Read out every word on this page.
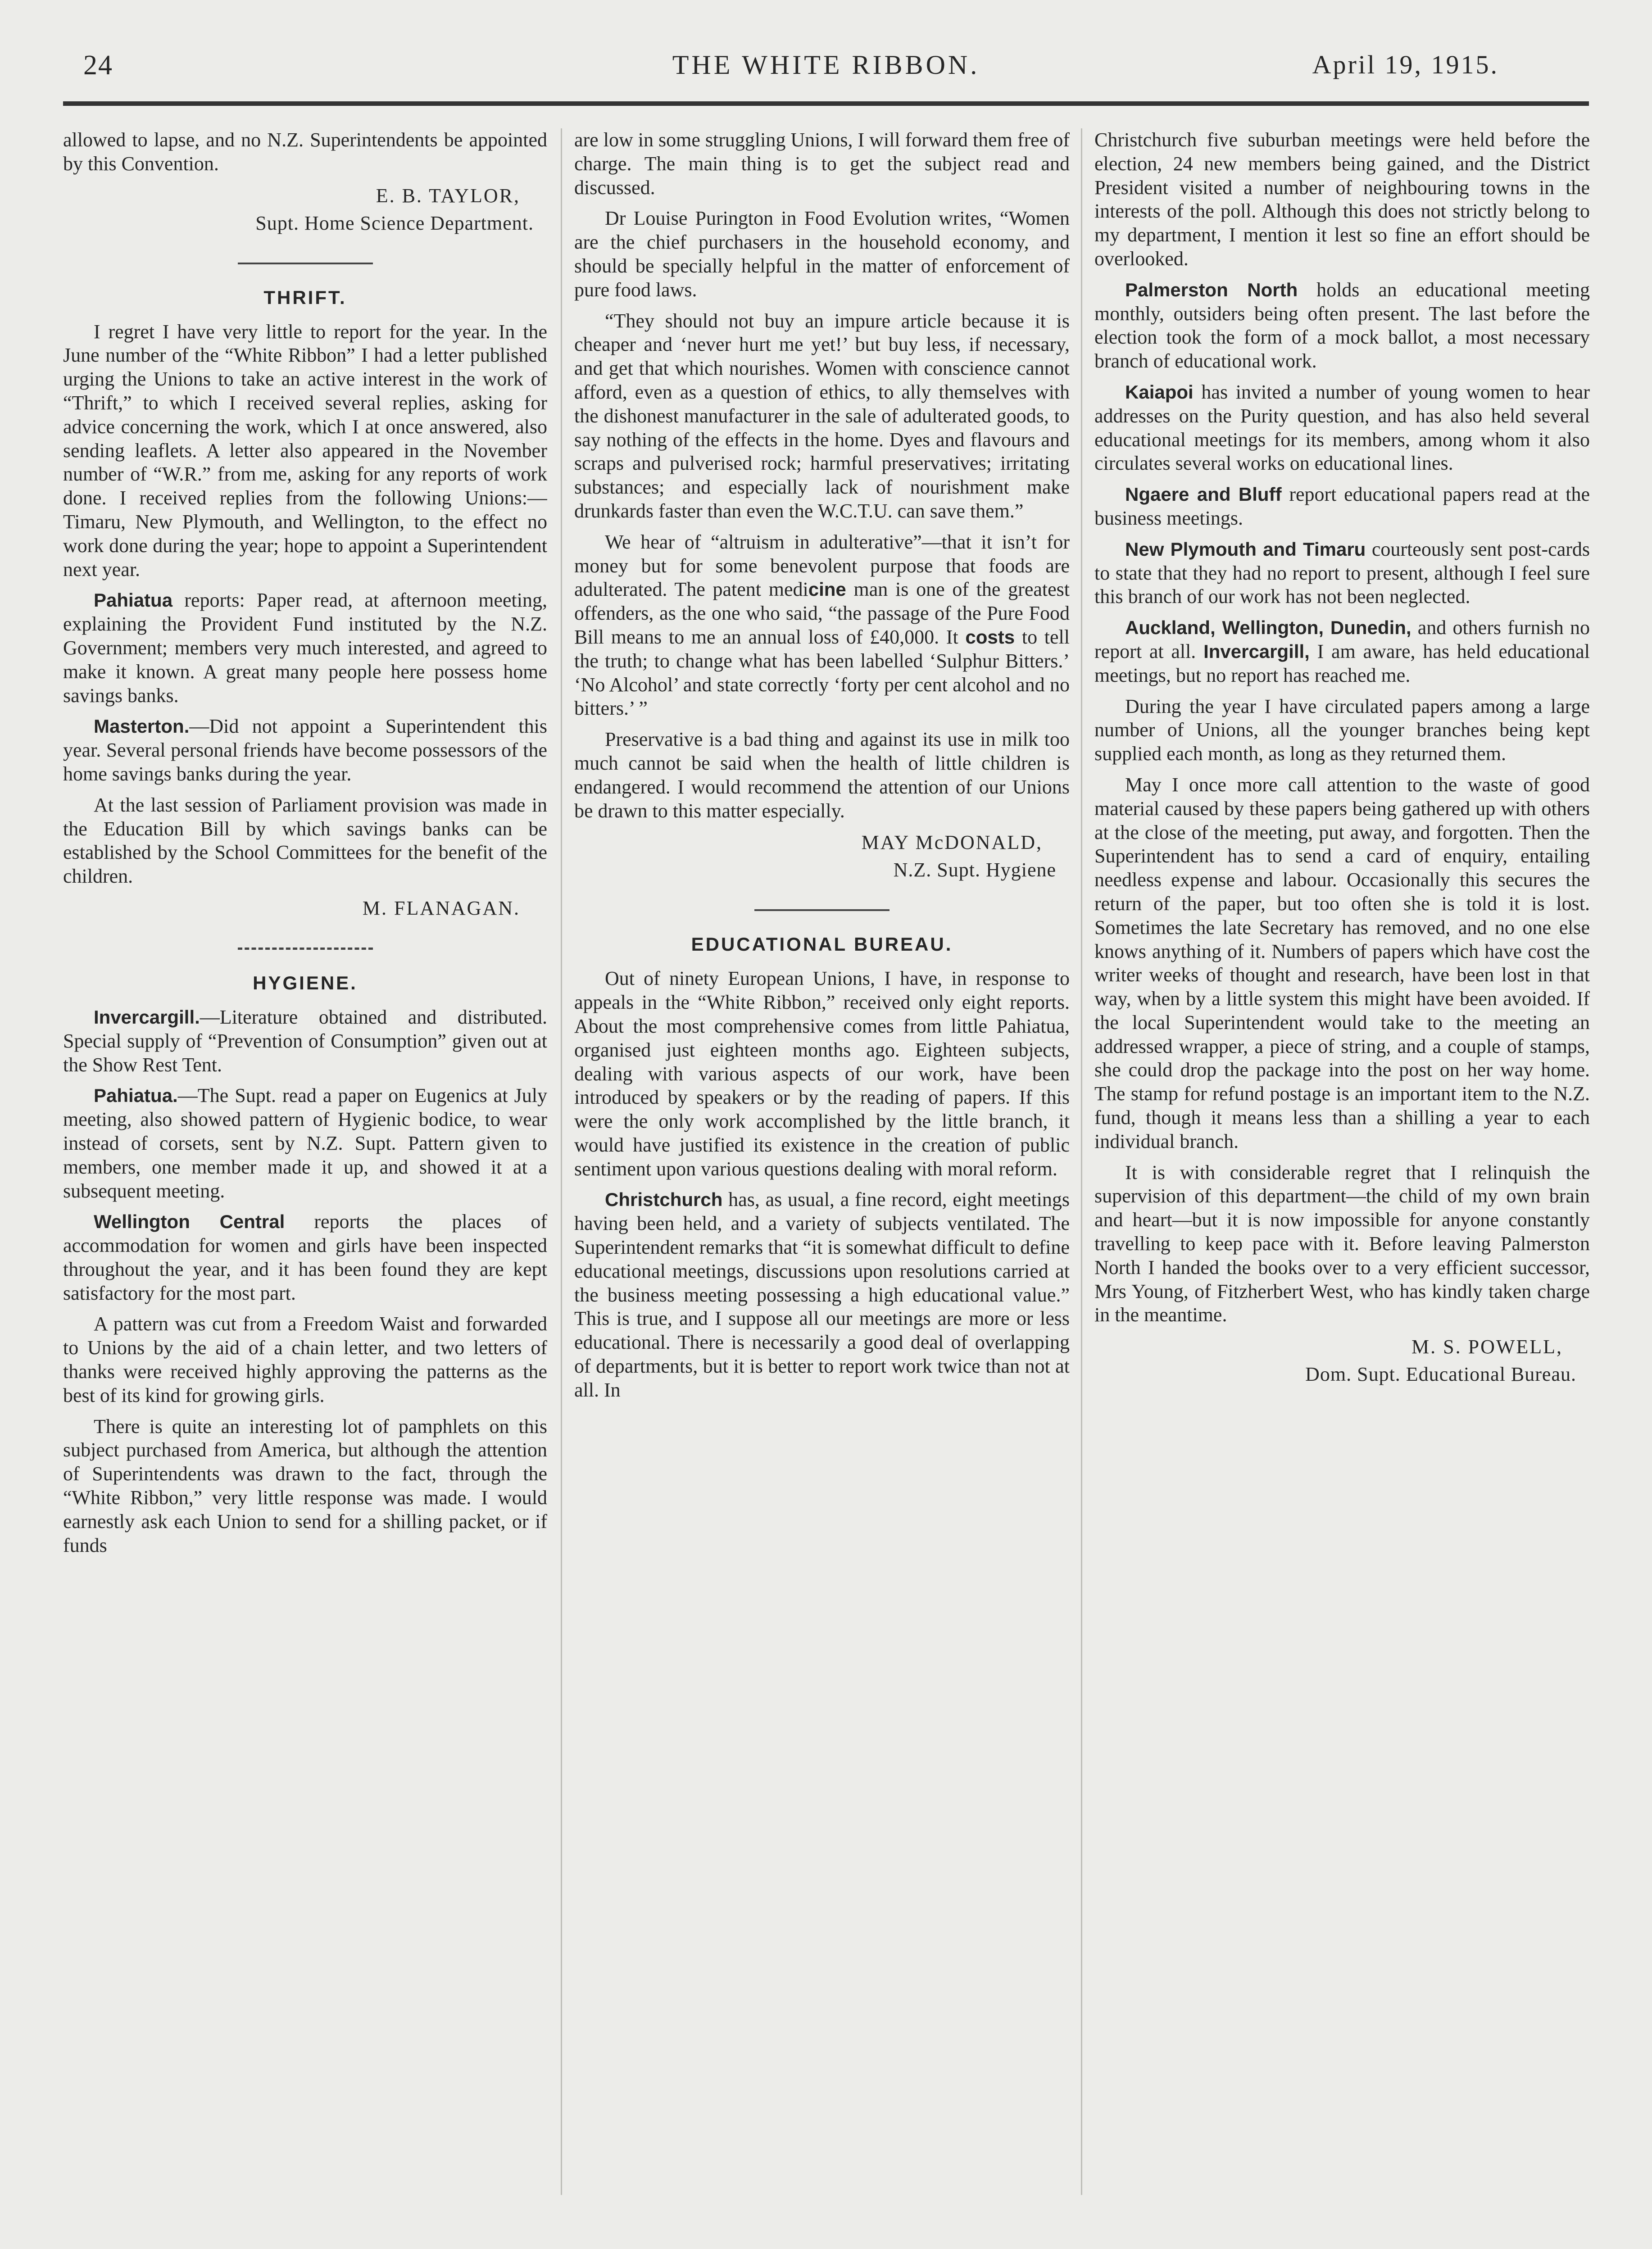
24	THE WHITE RIBBON.	April 19, 1915.

allowed to lapse, and no N.Z. Superintendents be appointed by this Convention.

E. B. TAYLOR,
Supt. Home Science Department.
THRIFT.

I regret I have very little to report for the year. In the June number of the “White Ribbon” I had a letter published urging the Unions to take an active interest in the work of “Thrift,” to which I received several replies, asking for advice concerning the work, which I at once answered, also sending leaflets. A letter also appeared in the November number of “W.R.” from me, asking for any reports of work done. I received replies from the following Unions:— Timaru, New Plymouth, and Wellington, to the effect no work done during the year; hope to appoint a Superintendent next year.

Pahiatua reports: Paper read, at afternoon meeting, explaining the Provident Fund instituted by the N.Z. Government; members very much interested, and agreed to make it known. A great many people here possess home savings banks.

Masterton.—Did not appoint a Superintendent this year. Several personal friends have become possessors of the home savings banks during the year.

At the last session of Parliament provision was made in the Education Bill by which savings banks can be established by the School Committees for the benefit of the children.

M. FLANAGAN.
HYGIENE.

Invercargill.—Literature obtained and distributed. Special supply of “Prevention of Consumption” given out at the Show Rest Tent.

Pahiatua.—The Supt. read a paper on Eugenics at July meeting, also showed pattern of Hygienic bodice, to wear instead of corsets, sent by N.Z. Supt. Pattern given to members, one member made it up, and showed it at a subsequent meeting.

Wellington Central reports the places of accommodation for women and girls have been inspected throughout the year, and it has been found they are kept satisfactory for the most part.

A pattern was cut from a Freedom Waist and forwarded to Unions by the aid of a chain letter, and two letters of thanks were received highly approving the patterns as the best of its kind for growing girls.

There is quite an interesting lot of pamphlets on this subject purchased from America, but although the attention of Superintendents was drawn to the fact, through the “White Ribbon,” very little response was made. I would earnestly ask each Union to send for a shilling packet, or if funds

are low in some struggling Unions, I will forward them free of charge. The main thing is to get the subject read and discussed.

Dr Louise Purington in Food Evolution writes, “Women are the chief purchasers in the household economy, and should be specially helpful in the matter of enforcement of pure food laws.

“They should not buy an impure article because it is cheaper and ‘never hurt me yet!’ but buy less, if necessary, and get that which nourishes. Women with conscience cannot afford, even as a question of ethics, to ally themselves with the dishonest manufacturer in the sale of adulterated goods, to say nothing of the effects in the home. Dyes and flavours and scraps and pulverised rock; harmful preservatives; irritating substances; and especially lack of nourishment make drunkards faster than even the W.C.T.U. can save them.”

We hear of “altruism in adulterative”—that it isn’t for money but for some benevolent purpose that foods are adulterated. The patent medicine man is one of the greatest offenders, as the one who said, “the passage of the Pure Food Bill means to me an annual loss of £40,000. It costs to tell the truth; to change what has been labelled ‘Sulphur Bitters.’ ‘No Alcohol’ and state correctly ‘forty per cent alcohol and no bitters.’ ”

Preservative is a bad thing and against its use in milk too much cannot be said when the health of little children is endangered. I would recommend the attention of our Unions be drawn to this matter especially.

MAY McDONALD,
N.Z. Supt. Hygiene
EDUCATIONAL BUREAU.

Out of ninety European Unions, I have, in response to appeals in the “White Ribbon,” received only eight reports. About the most comprehensive comes from little Pahiatua, organised just eighteen months ago. Eighteen subjects, dealing with various aspects of our work, have been introduced by speakers or by the reading of papers. If this were the only work accomplished by the little branch, it would have justified its existence in the creation of public sentiment upon various questions dealing with moral reform.

Christchurch has, as usual, a fine record, eight meetings having been held, and a variety of subjects ventilated. The Superintendent remarks that “it is somewhat difficult to define educational meetings, discussions upon resolutions carried at the business meeting possessing a high educational value.” This is true, and I suppose all our meetings are more or less educational. There is necessarily a good deal of overlapping of departments, but it is better to report work twice than not at all. In

Christchurch five suburban meetings were held before the election, 24 new members being gained, and the District President visited a number of neighbouring towns in the interests of the poll. Although this does not strictly belong to my department, I mention it lest so fine an effort should be overlooked.

Palmerston North holds an educational meeting monthly, outsiders being often present. The last before the election took the form of a mock ballot, a most necessary branch of educational work.

Kaiapoi has invited a number of young women to hear addresses on the Purity question, and has also held several educational meetings for its members, among whom it also circulates several works on educational lines.

Ngaere and Bluff report educational papers read at the business meetings.

New Plymouth and Timaru courteously sent post-cards to state that they had no report to present, although I feel sure this branch of our work has not been neglected.

Auckland, Wellington, Dunedin, and others furnish no report at all. Invercargill, I am aware, has held educational meetings, but no report has reached me.

During the year I have circulated papers among a large number of Unions, all the younger branches being kept supplied each month, as long as they returned them.

May I once more call attention to the waste of good material caused by these papers being gathered up with others at the close of the meeting, put away, and forgotten. Then the Superintendent has to send a card of enquiry, entailing needless expense and labour. Occasionally this secures the return of the paper, but too often she is told it is lost. Sometimes the late Secretary has removed, and no one else knows anything of it. Numbers of papers which have cost the writer weeks of thought and research, have been lost in that way, when by a little system this might have been avoided. If the local Superintendent would take to the meeting an addressed wrapper, a piece of string, and a couple of stamps, she could drop the package into the post on her way home. The stamp for refund postage is an important item to the N.Z. fund, though it means less than a shilling a year to each individual branch.

It is with considerable regret that I relinquish the supervision of this department—the child of my own brain and heart—but it is now impossible for anyone constantly travelling to keep pace with it. Before leaving Palmerston North I handed the books over to a very efficient successor, Mrs Young, of Fitzherbert West, who has kindly taken charge in the meantime.

M. S. POWELL,
Dom. Supt. Educational Bureau.
